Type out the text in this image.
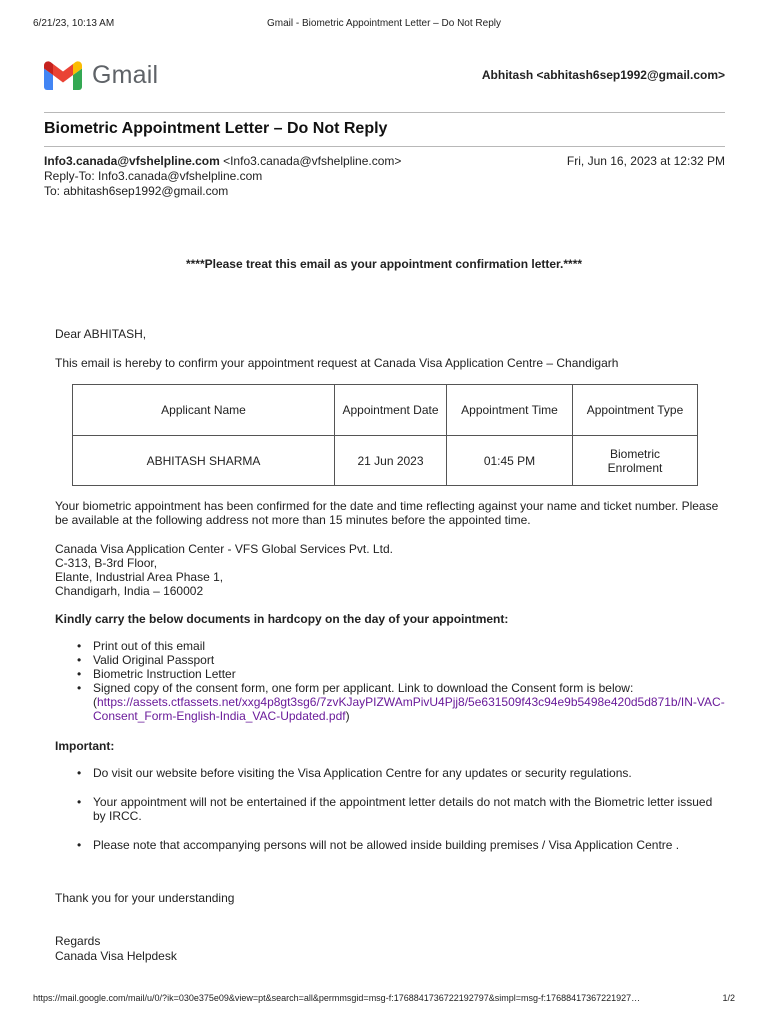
6/21/23, 10:13 AM	Gmail - Biometric Appointment Letter – Do Not Reply
Gmail	Abhitash <abhitash6sep1992@gmail.com>
Biometric Appointment Letter – Do Not Reply
Info3.canada@vfshelpline.com <Info3.canada@vfshelpline.com>	Fri, Jun 16, 2023 at 12:32 PM
Reply-To: Info3.canada@vfshelpline.com
To: abhitash6sep1992@gmail.com
****Please treat this email as your appointment confirmation letter.****
Dear ABHITASH,
This email is hereby to confirm your appointment request at Canada Visa Application Centre – Chandigarh
Applicant Name	Appointment Date	Appointment Time	Appointment Type
ABHITASH SHARMA	21 Jun 2023	01:45 PM	Biometric Enrolment
Your biometric appointment has been confirmed for the date and time reflecting against your name and ticket number. Please be available at the following address not more than 15 minutes before the appointed time.
Canada Visa Application Center - VFS Global Services Pvt. Ltd.
C-313, B-3rd Floor,
Elante, Industrial Area Phase 1,
Chandigarh, India – 160002
Kindly carry the below documents in hardcopy on the day of your appointment:
• Print out of this email
• Valid Original Passport
• Biometric Instruction Letter
• Signed copy of the consent form, one form per applicant. Link to download the Consent form is below:
(https://assets.ctfassets.net/xxg4p8gt3sg6/7zvKJayPIZWAmPivU4Pjj8/5e631509f43c94e9b5498e420d5d871b/IN-VAC-Consent_Form-English-India_VAC-Updated.pdf)
Important:
• Do visit our website before visiting the Visa Application Centre for any updates or security regulations.
• Your appointment will not be entertained if the appointment letter details do not match with the Biometric letter issued by IRCC.
• Please note that accompanying persons will not be allowed inside building premises / Visa Application Centre .
Thank you for your understanding
Regards
Canada Visa Helpdesk
https://mail.google.com/mail/u/0/?ik=030e375e09&view=pt&search=all&permmsgid=msg-f:1768841736722192797&simpl=msg-f:17688417367221927…	1/2
